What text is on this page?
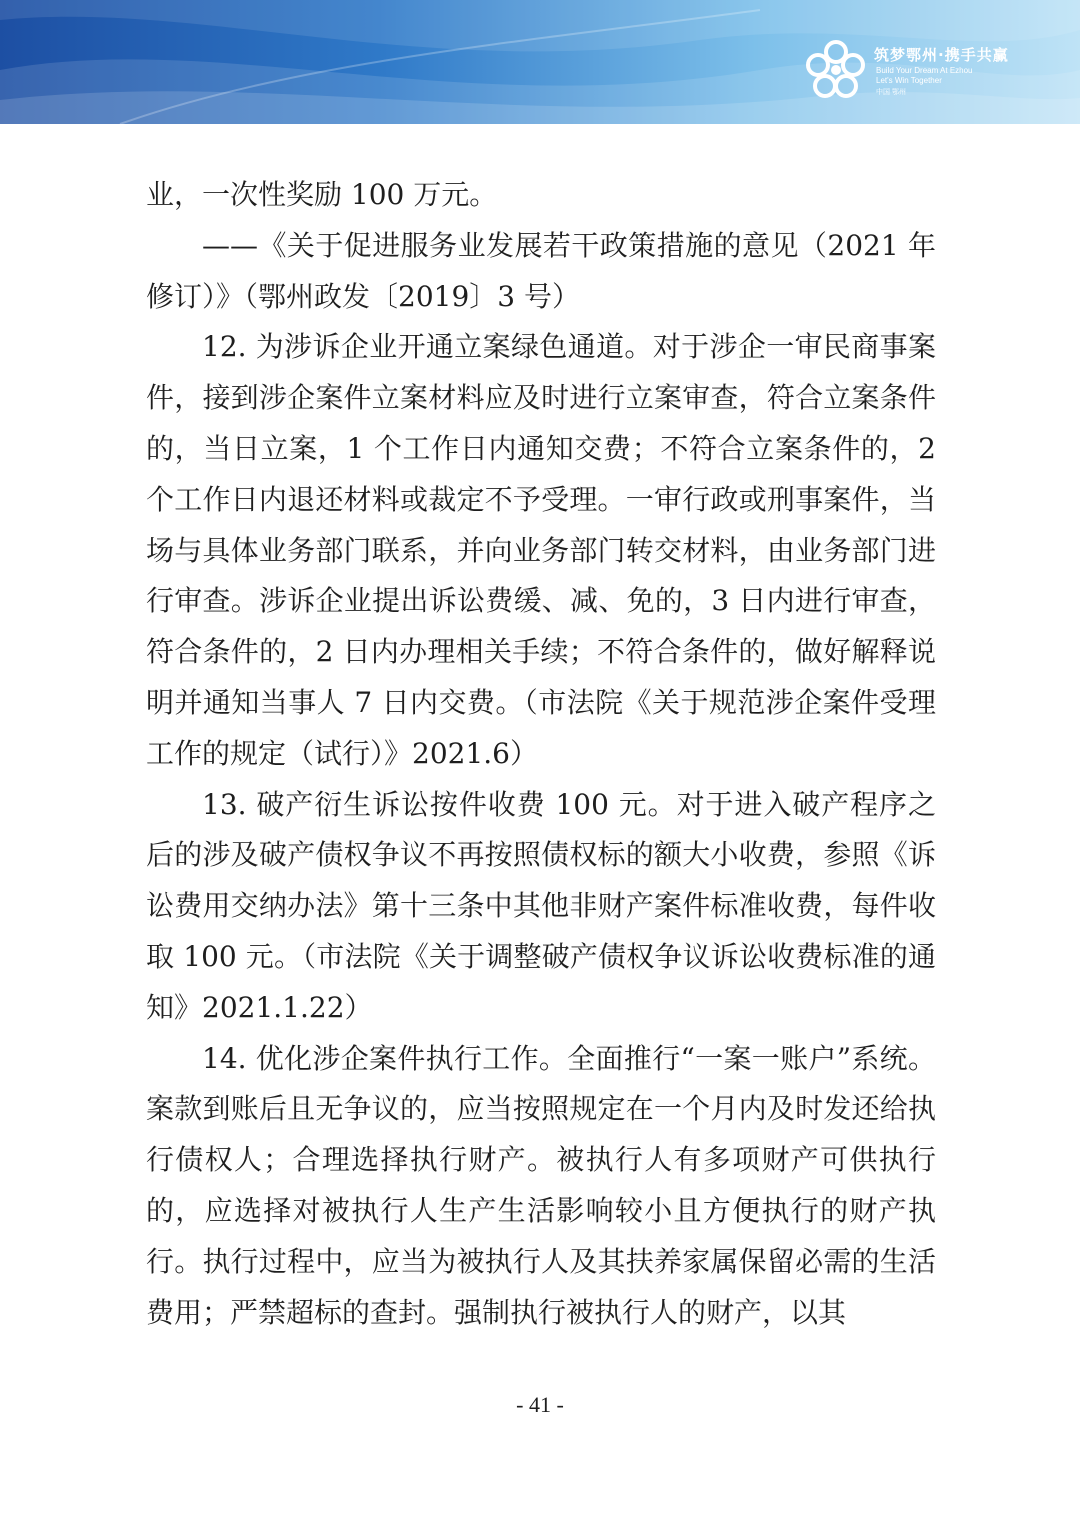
筑梦鄂州·携手共赢
Build Your Dream At Ezhou
Let's Win Together
中国 鄂州

业，一次性奖励 100 万元。

——《关于促进服务业发展若干政策措施的意见（2021 年修订）》（鄂州政发〔2019〕3 号）

12. 为涉诉企业开通立案绿色通道。对于涉企一审民商事案件，接到涉企案件立案材料应及时进行立案审查，符合立案条件的，当日立案，1 个工作日内通知交费；不符合立案条件的，2 个工作日内退还材料或裁定不予受理。一审行政或刑事案件，当场与具体业务部门联系，并向业务部门转交材料，由业务部门进行审查。涉诉企业提出诉讼费缓、减、免的，3 日内进行审查，符合条件的，2 日内办理相关手续；不符合条件的，做好解释说明并通知当事人 7 日内交费。（市法院《关于规范涉企案件受理工作的规定（试行）》2021.6）

13. 破产衍生诉讼按件收费 100 元。对于进入破产程序之后的涉及破产债权争议不再按照债权标的额大小收费，参照《诉讼费用交纳办法》第十三条中其他非财产案件标准收费，每件收取 100 元。（市法院《关于调整破产债权争议诉讼收费标准的通知》2021.1.22）

14. 优化涉企案件执行工作。全面推行“一案一账户”系统。案款到账后且无争议的，应当按照规定在一个月内及时发还给执行债权人；合理选择执行财产。被执行人有多项财产可供执行的，应选择对被执行人生产生活影响较小且方便执行的财产执行。执行过程中，应当为被执行人及其扶养家属保留必需的生活费用；严禁超标的查封。强制执行被执行人的财产，以其

- 41 -
